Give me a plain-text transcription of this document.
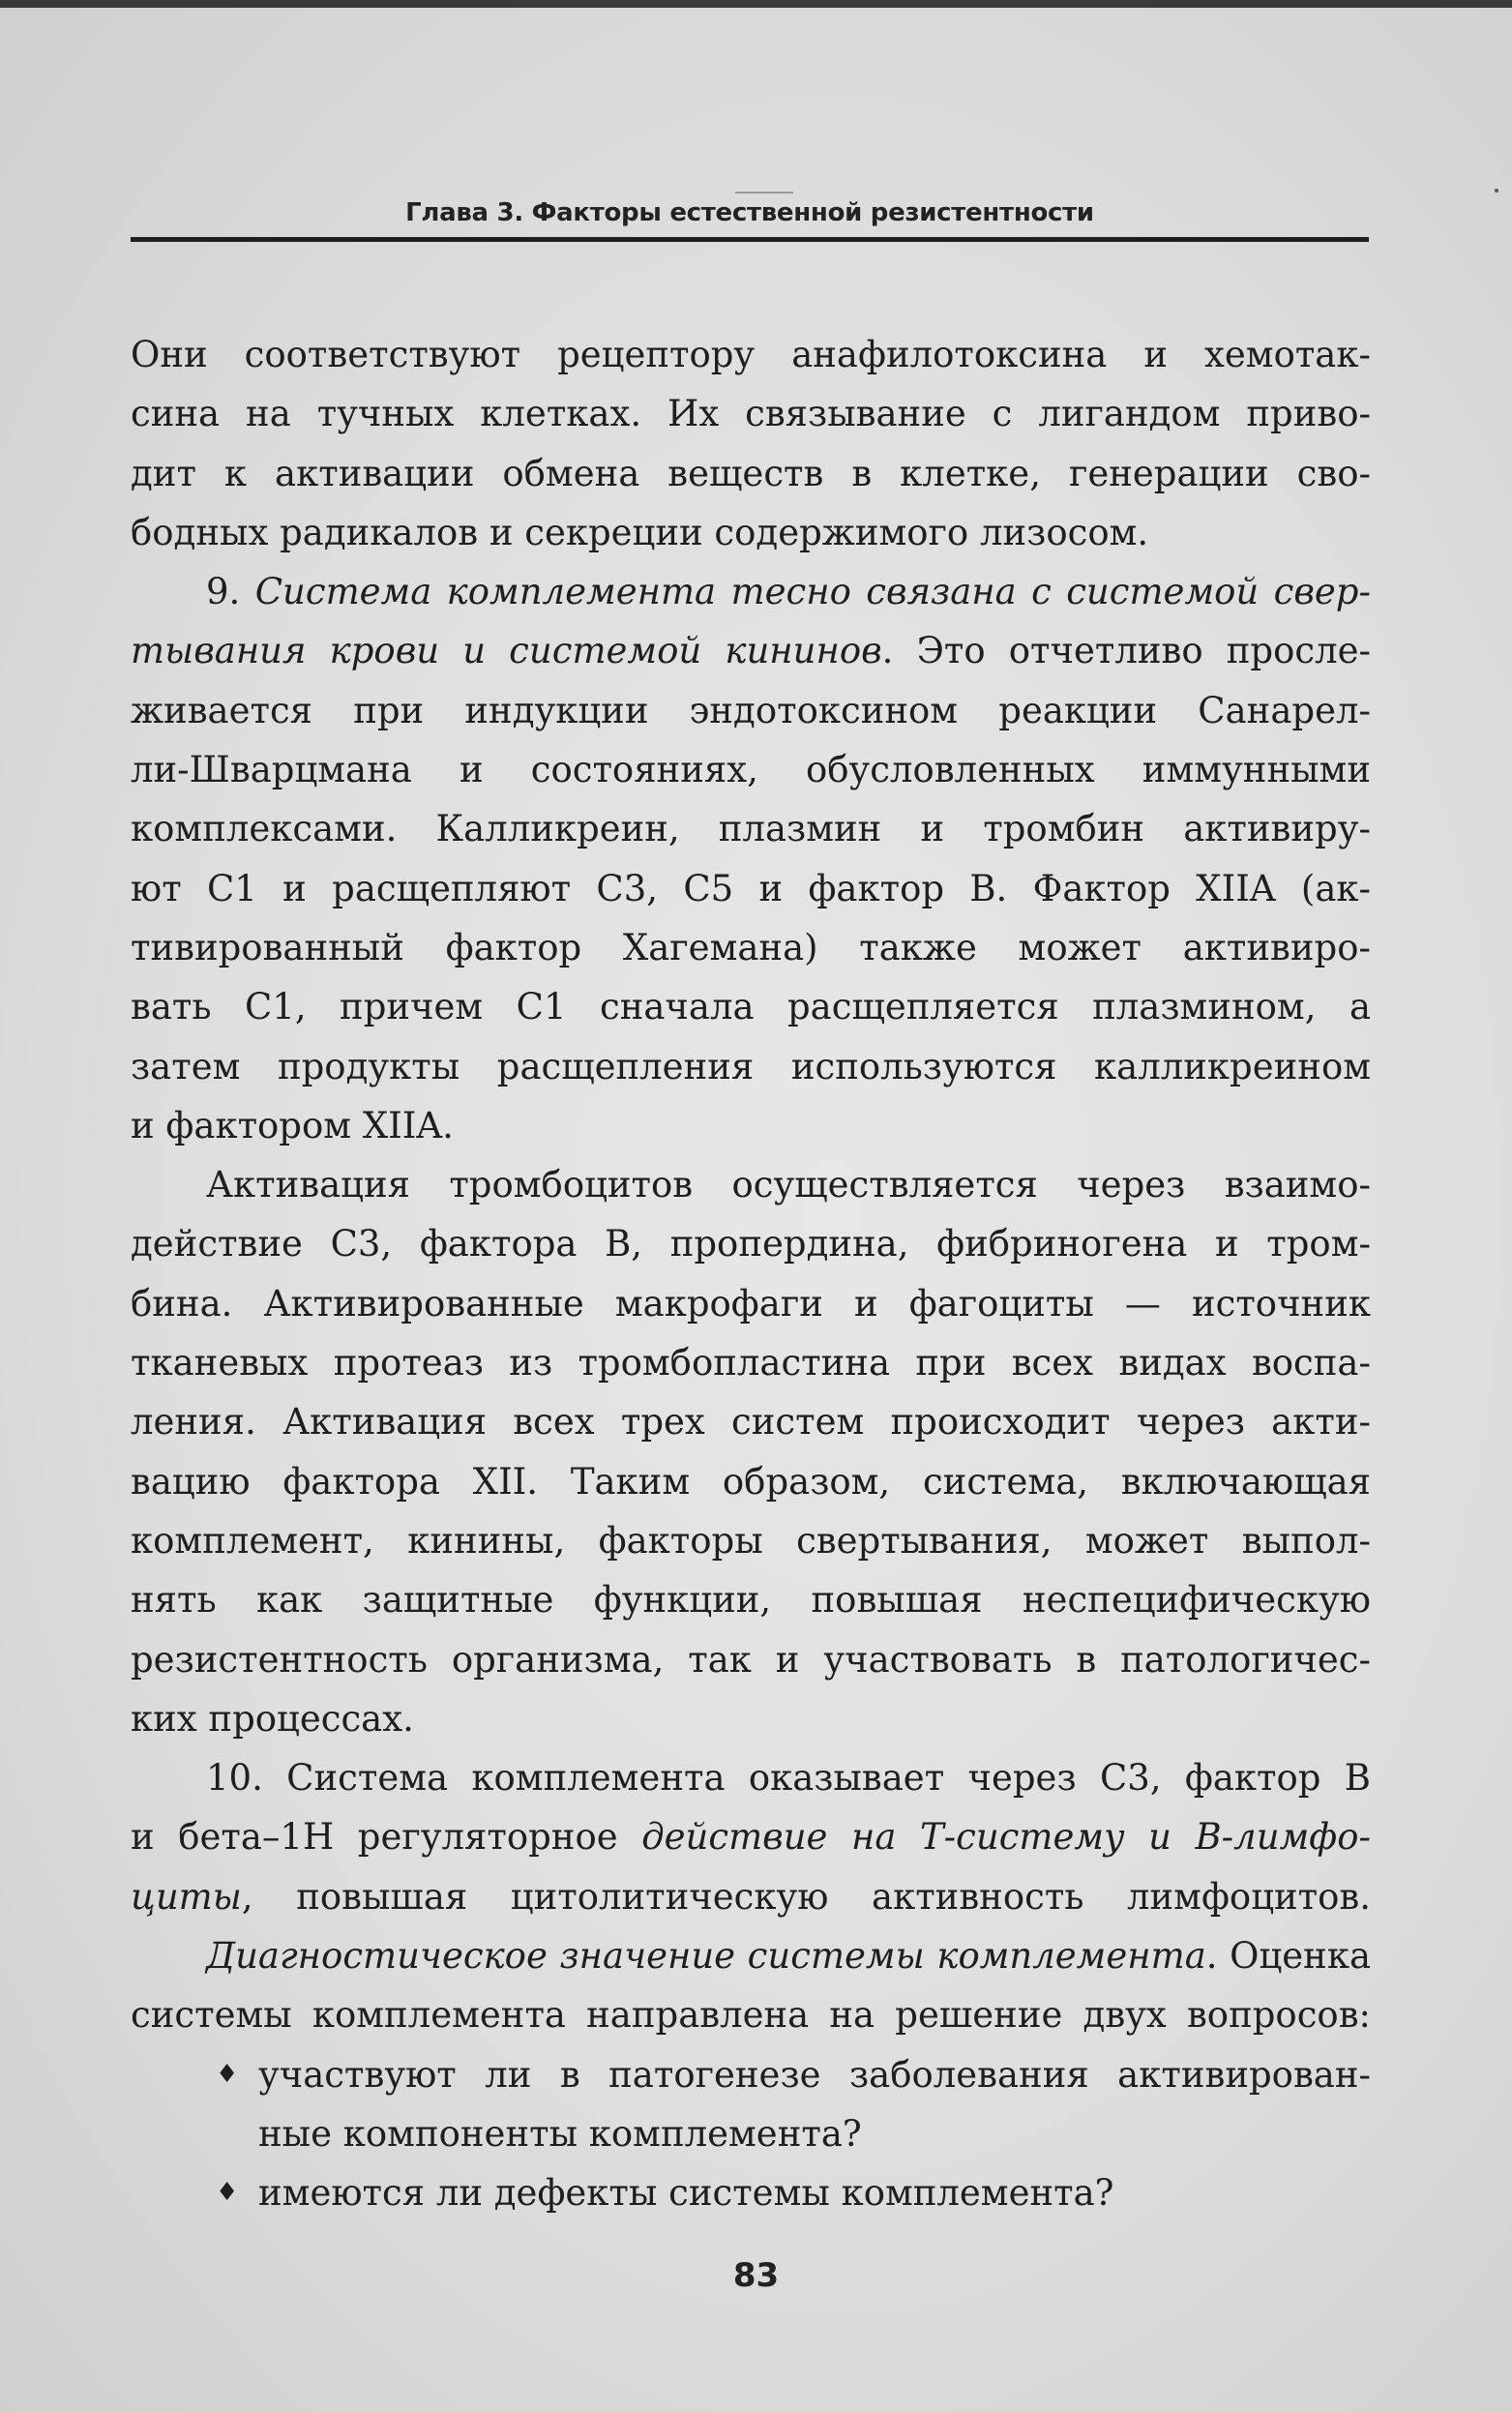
Глава 3. Факторы естественной резистентности
Они соответствуют рецептору анафилотоксина и хемотак-
сина на тучных клетках. Их связывание с лигандом приво-
дит к активации обмена веществ в клетке, генерации сво-
бодных радикалов и секреции содержимого лизосом.
9. Система комплемента тесно связана с системой свер-
тывания крови и системой кининов. Это отчетливо просле-
живается при индукции эндотоксином реакции Санарел-
ли-Шварцмана и состояниях, обусловленных иммунными
комплексами. Калликреин, плазмин и тромбин активиру-
ют С1 и расщепляют С3, С5 и фактор В. Фактор XIIA (ак-
тивированный фактор Хагемана) также может активиро-
вать С1, причем С1 сначала расщепляется плазмином, а
затем продукты расщепления используются калликреином
и фактором XIIA.
Активация тромбоцитов осуществляется через взаимо-
действие С3, фактора В, пропердина, фибриногена и тром-
бина. Активированные макрофаги и фагоциты — источник
тканевых протеаз из тромбопластина при всех видах воспа-
ления. Активация всех трех систем происходит через акти-
вацию фактора XII. Таким образом, система, включающая
комплемент, кинины, факторы свертывания, может выпол-
нять как защитные функции, повышая неспецифическую
резистентность организма, так и участвовать в патологичес-
ких процессах.
10. Система комплемента оказывает через С3, фактор В
и бета–1Н регуляторное действие на Т-систему и В-лимфо-
циты, повышая цитолитическую активность лимфоцитов.
Диагностическое значение системы комплемента. Оценка
системы комплемента направлена на решение двух вопросов:
♦ участвуют ли в патогенезе заболевания активирован-
ные компоненты комплемента?
♦ имеются ли дефекты системы комплемента?
83
